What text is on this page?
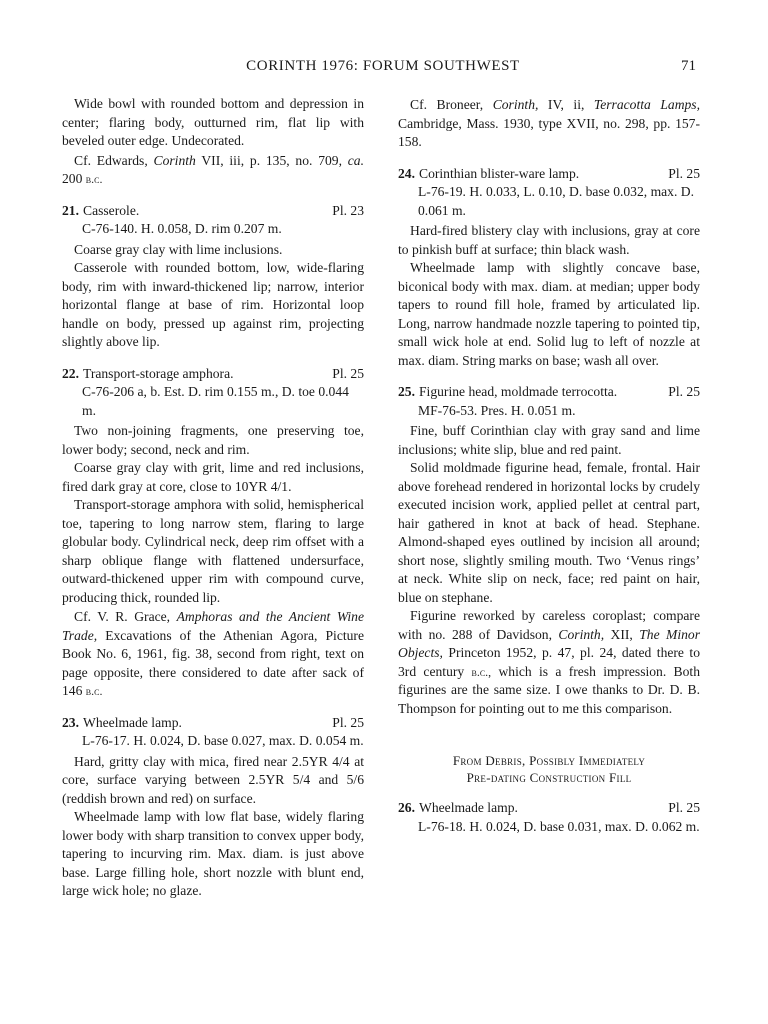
CORINTH 1976: FORUM SOUTHWEST	71

Wide bowl with rounded bottom and depression in center; flaring body, outturned rim, flat lip with beveled outer edge. Undecorated.

Cf. Edwards, Corinth VII, iii, p. 135, no. 709, ca. 200 b.c.

21. Casserole.	Pl. 23

C-76-140. H. 0.058, D. rim 0.207 m.

Coarse gray clay with lime inclusions.

Casserole with rounded bottom, low, wide-flaring body, rim with inward-thickened lip; narrow, interior horizontal flange at base of rim. Horizontal loop handle on body, pressed up against rim, projecting slightly above lip.

22. Transport-storage amphora.	Pl. 25

C-76-206 a, b. Est. D. rim 0.155 m., D. toe 0.044 m.

Two non-joining fragments, one preserving toe, lower body; second, neck and rim.

Coarse gray clay with grit, lime and red inclusions, fired dark gray at core, close to 10YR 4/1.

Transport-storage amphora with solid, hemispherical toe, tapering to long narrow stem, flaring to large globular body. Cylindrical neck, deep rim offset with a sharp oblique flange with flattened undersurface, outward-thickened upper rim with compound curve, producing thick, rounded lip.

Cf. V. R. Grace, Amphoras and the Ancient Wine Trade, Excavations of the Athenian Agora, Picture Book No. 6, 1961, fig. 38, second from right, text on page opposite, there considered to date after sack of 146 b.c.

23. Wheelmade lamp.	Pl. 25

L-76-17. H. 0.024, D. base 0.027, max. D. 0.054 m.

Hard, gritty clay with mica, fired near 2.5YR 4/4 at core, surface varying between 2.5YR 5/4 and 5/6 (reddish brown and red) on surface.

Wheelmade lamp with low flat base, widely flaring lower body with sharp transition to convex upper body, tapering to incurving rim. Max. diam. is just above base. Large filling hole, short nozzle with blunt end, large wick hole; no glaze.

Cf. Broneer, Corinth, IV, ii, Terracotta Lamps, Cambridge, Mass. 1930, type XVII, no. 298, pp. 157-158.

24. Corinthian blister-ware lamp.	Pl. 25

L-76-19. H. 0.033, L. 0.10, D. base 0.032, max. D. 0.061 m.

Hard-fired blistery clay with inclusions, gray at core to pinkish buff at surface; thin black wash.

Wheelmade lamp with slightly concave base, biconical body with max. diam. at median; upper body tapers to round fill hole, framed by articulated lip. Long, narrow handmade nozzle tapering to pointed tip, small wick hole at end. Solid lug to left of nozzle at max. diam. String marks on base; wash all over.

25. Figurine head, moldmade terrocotta.	Pl. 25

MF-76-53. Pres. H. 0.051 m.

Fine, buff Corinthian clay with gray sand and lime inclusions; white slip, blue and red paint.

Solid moldmade figurine head, female, frontal. Hair above forehead rendered in horizontal locks by crudely executed incision work, applied pellet at central part, hair gathered in knot at back of head. Stephane. Almond-shaped eyes outlined by incision all around; short nose, slightly smiling mouth. Two ‘Venus rings’ at neck. White slip on neck, face; red paint on hair, blue on stephane.

Figurine reworked by careless coroplast; compare with no. 288 of Davidson, Corinth, XII, The Minor Objects, Princeton 1952, p. 47, pl. 24, dated there to 3rd century b.c., which is a fresh impression. Both figurines are the same size. I owe thanks to Dr. D. B. Thompson for pointing out to me this comparison.

From Debris, Possibly Immediately
Pre-dating Construction Fill
26. Wheelmade lamp.	Pl. 25

L-76-18. H. 0.024, D. base 0.031, max. D. 0.062 m.
